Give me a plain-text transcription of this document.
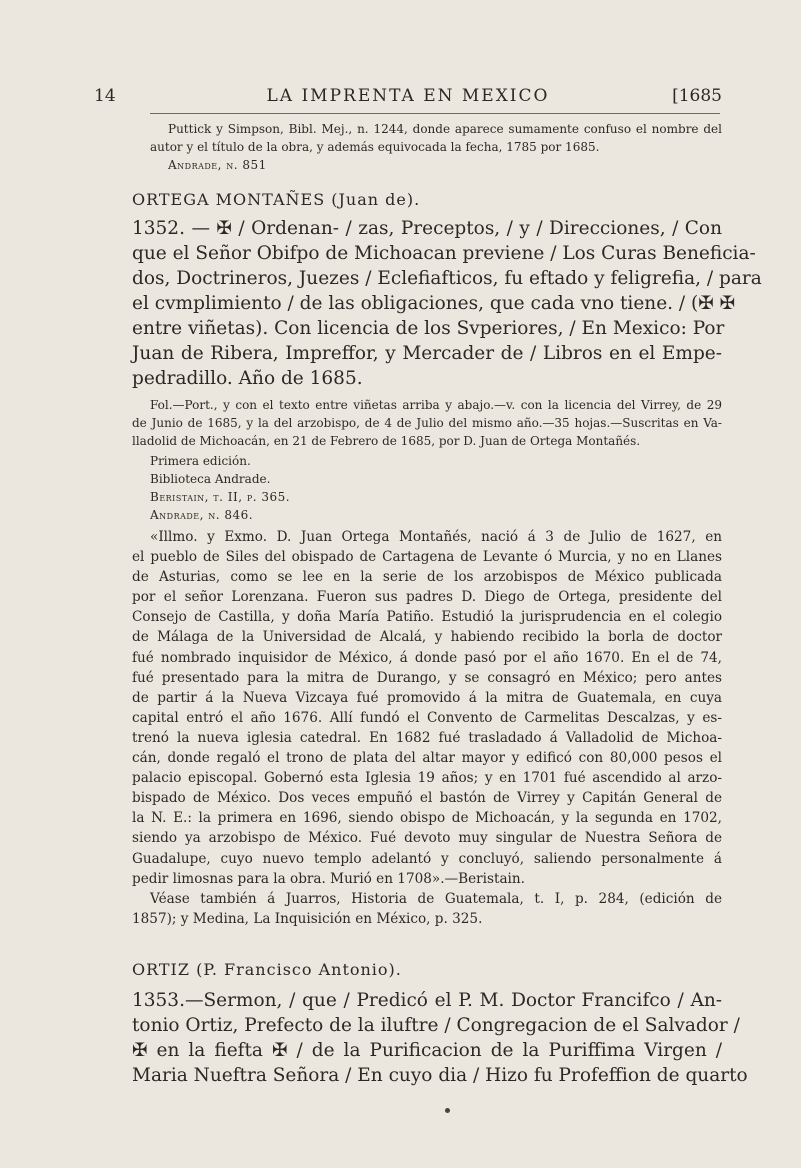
14	LA IMPRENTA EN MEXICO	[1685
Puttick y Simpson, Bibl. Mej., n. 1244, donde aparece sumamente confuso el nombre del
autor y el título de la obra, y además equivocada la fecha, 1785 por 1685.
Andrade, n. 851
ORTEGA MONTAÑES (Juan de).
1352. — ✠ / Ordenan- / zas, Preceptos, / y / Direcciones, / Con
que el Señor Obifpo de Michoacan previene / Los Curas Beneficia-
dos, Doctrineros, Juezes / Eclefiafticos, fu eftado y feligrefia, / para
el cvmplimiento / de las obligaciones, que cada vno tiene. / (✠ ✠
entre viñetas). Con licencia de los Svperiores, / En Mexico: Por
Juan de Ribera, Impreffor, y Mercader de / Libros en el Empe-
pedradillo. Año de 1685.
Fol.—Port., y con el texto entre viñetas arriba y abajo.—v. con la licencia del Virrey, de 29
de Junio de 1685, y la del arzobispo, de 4 de Julio del mismo año.—35 hojas.—Suscritas en Va-
lladolid de Michoacán, en 21 de Febrero de 1685, por D. Juan de Ortega Montañés.
Primera edición.
Biblioteca Andrade.
Beristain, t. II, p. 365.
Andrade, n. 846.
«Illmo. y Exmo. D. Juan Ortega Montañés, nació á 3 de Julio de 1627, en
el pueblo de Siles del obispado de Cartagena de Levante ó Murcia, y no en Llanes
de Asturias, como se lee en la serie de los arzobispos de México publicada
por el señor Lorenzana. Fueron sus padres D. Diego de Ortega, presidente del
Consejo de Castilla, y doña María Patiño. Estudió la jurisprudencia en el colegio
de Málaga de la Universidad de Alcalá, y habiendo recibido la borla de doctor
fué nombrado inquisidor de México, á donde pasó por el año 1670. En el de 74,
fué presentado para la mitra de Durango, y se consagró en México; pero antes
de partir á la Nueva Vizcaya fué promovido á la mitra de Guatemala, en cuya
capital entró el año 1676. Allí fundó el Convento de Carmelitas Descalzas, y es-
trenó la nueva iglesia catedral. En 1682 fué trasladado á Valladolid de Michoa-
cán, donde regaló el trono de plata del altar mayor y edificó con 80,000 pesos el
palacio episcopal. Gobernó esta Iglesia 19 años; y en 1701 fué ascendido al arzo-
bispado de México. Dos veces empuñó el bastón de Virrey y Capitán General de
la N. E.: la primera en 1696, siendo obispo de Michoacán, y la segunda en 1702,
siendo ya arzobispo de México. Fué devoto muy singular de Nuestra Señora de
Guadalupe, cuyo nuevo templo adelantó y concluyó, saliendo personalmente á
pedir limosnas para la obra. Murió en 1708».—Beristain.
Véase también á Juarros, Historia de Guatemala, t. I, p. 284, (edición de
1857); y Medina, La Inquisición en México, p. 325.
ORTIZ (P. Francisco Antonio).
1353.—Sermon, / que / Predicó el P. M. Doctor Francifco / An-
tonio Ortiz, Prefecto de la iluftre / Congregacion de el Salvador /
✠ en la fiefta ✠ / de la Purificacion de la Puriffima Virgen /
Maria Nueftra Señora / En cuyo dia / Hizo fu Profeffion de quarto
